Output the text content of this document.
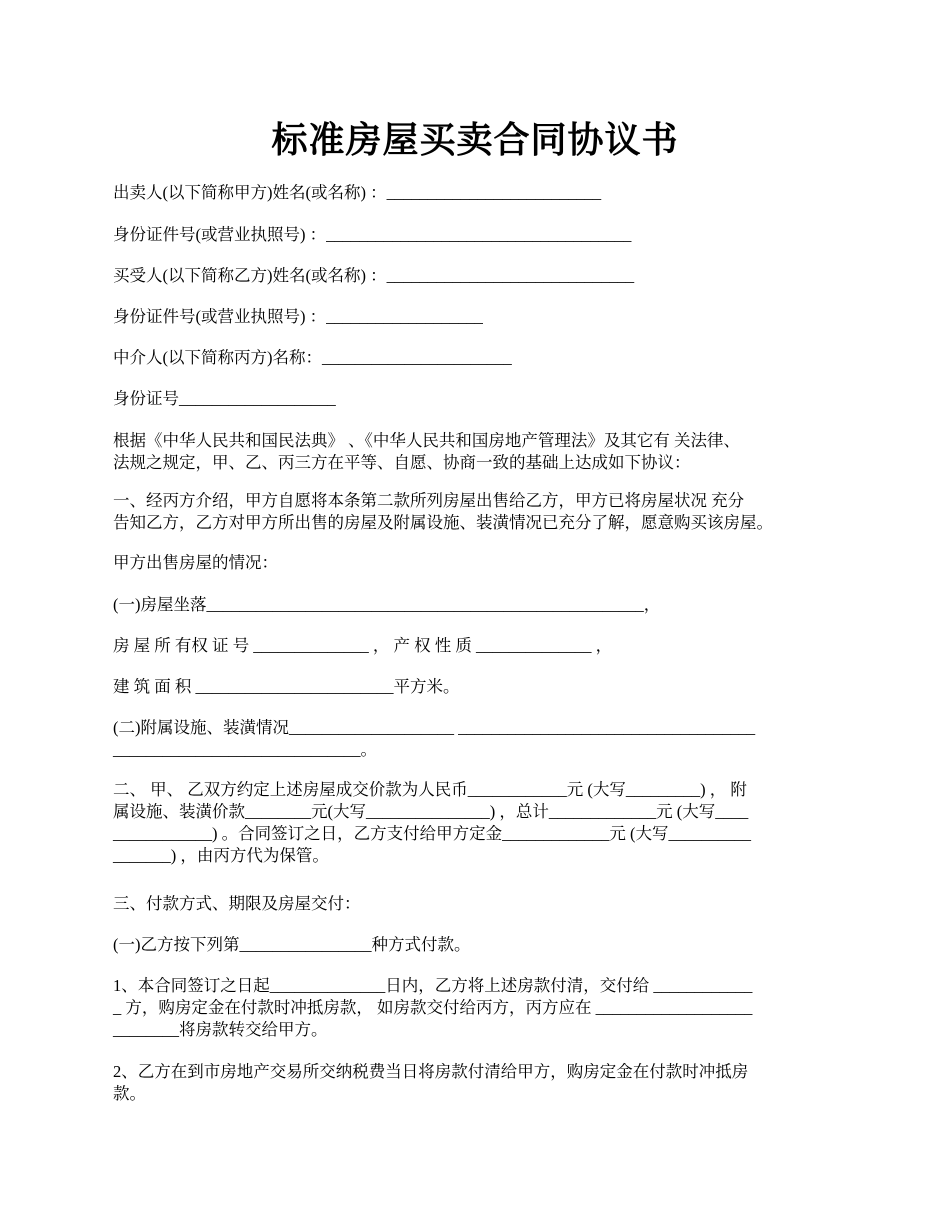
标准房屋买卖合同协议书

出卖人(以下简称甲方)姓名(或名称) ：__________________________

身份证件号(或营业执照号) ：_____________________________________

买受人(以下简称乙方)姓名(或名称) ：______________________________

身份证件号(或营业执照号) ：___________________

中介人(以下简称丙方)名称：_______________________

身份证号___________________

根据《中华人民共和国民法典》 、《中华人民共和国房地产管理法》及其它有 关法律、
法规之规定，甲、乙、丙三方在平等、自愿、协商一致的基础上达成如下协议：

一、经丙方介绍，甲方自愿将本条第二款所列房屋出售给乙方，甲方已将房屋状况 充分
告知乙方，乙方对甲方所出售的房屋及附属设施、装潢情况已充分了解，愿意购买该房屋。

甲方出售房屋的情况：

(一)房屋坐落_____________________________________________________，

房 屋 所 有权 证 号 ______________ ， 产 权 性 质 ______________ ，

建 筑 面 积 ________________________平方米。

(二)附属设施、装潢情况____________________ ____________________________________
______________________________。

二、 甲、 乙双方约定上述房屋成交价款为人民币____________元 (大写_________) ， 附
属设施、装潢价款________元(大写_______________) ，总计_____________元 (大写____
____________) 。合同签订之日，乙方支付给甲方定金_____________元 (大写__________
_______) ，由丙方代为保管。

三、付款方式、期限及房屋交付：

(一)乙方按下列第________________种方式付款。

1、本合同签订之日起______________日内，乙方将上述房款付清，交付给 ____________
_ 方，购房定金在付款时冲抵房款， 如房款交付给丙方，丙方应在 ___________________
________将房款转交给甲方。

2、乙方在到市房地产交易所交纳税费当日将房款付清给甲方，购房定金在付款时冲抵房
款。
